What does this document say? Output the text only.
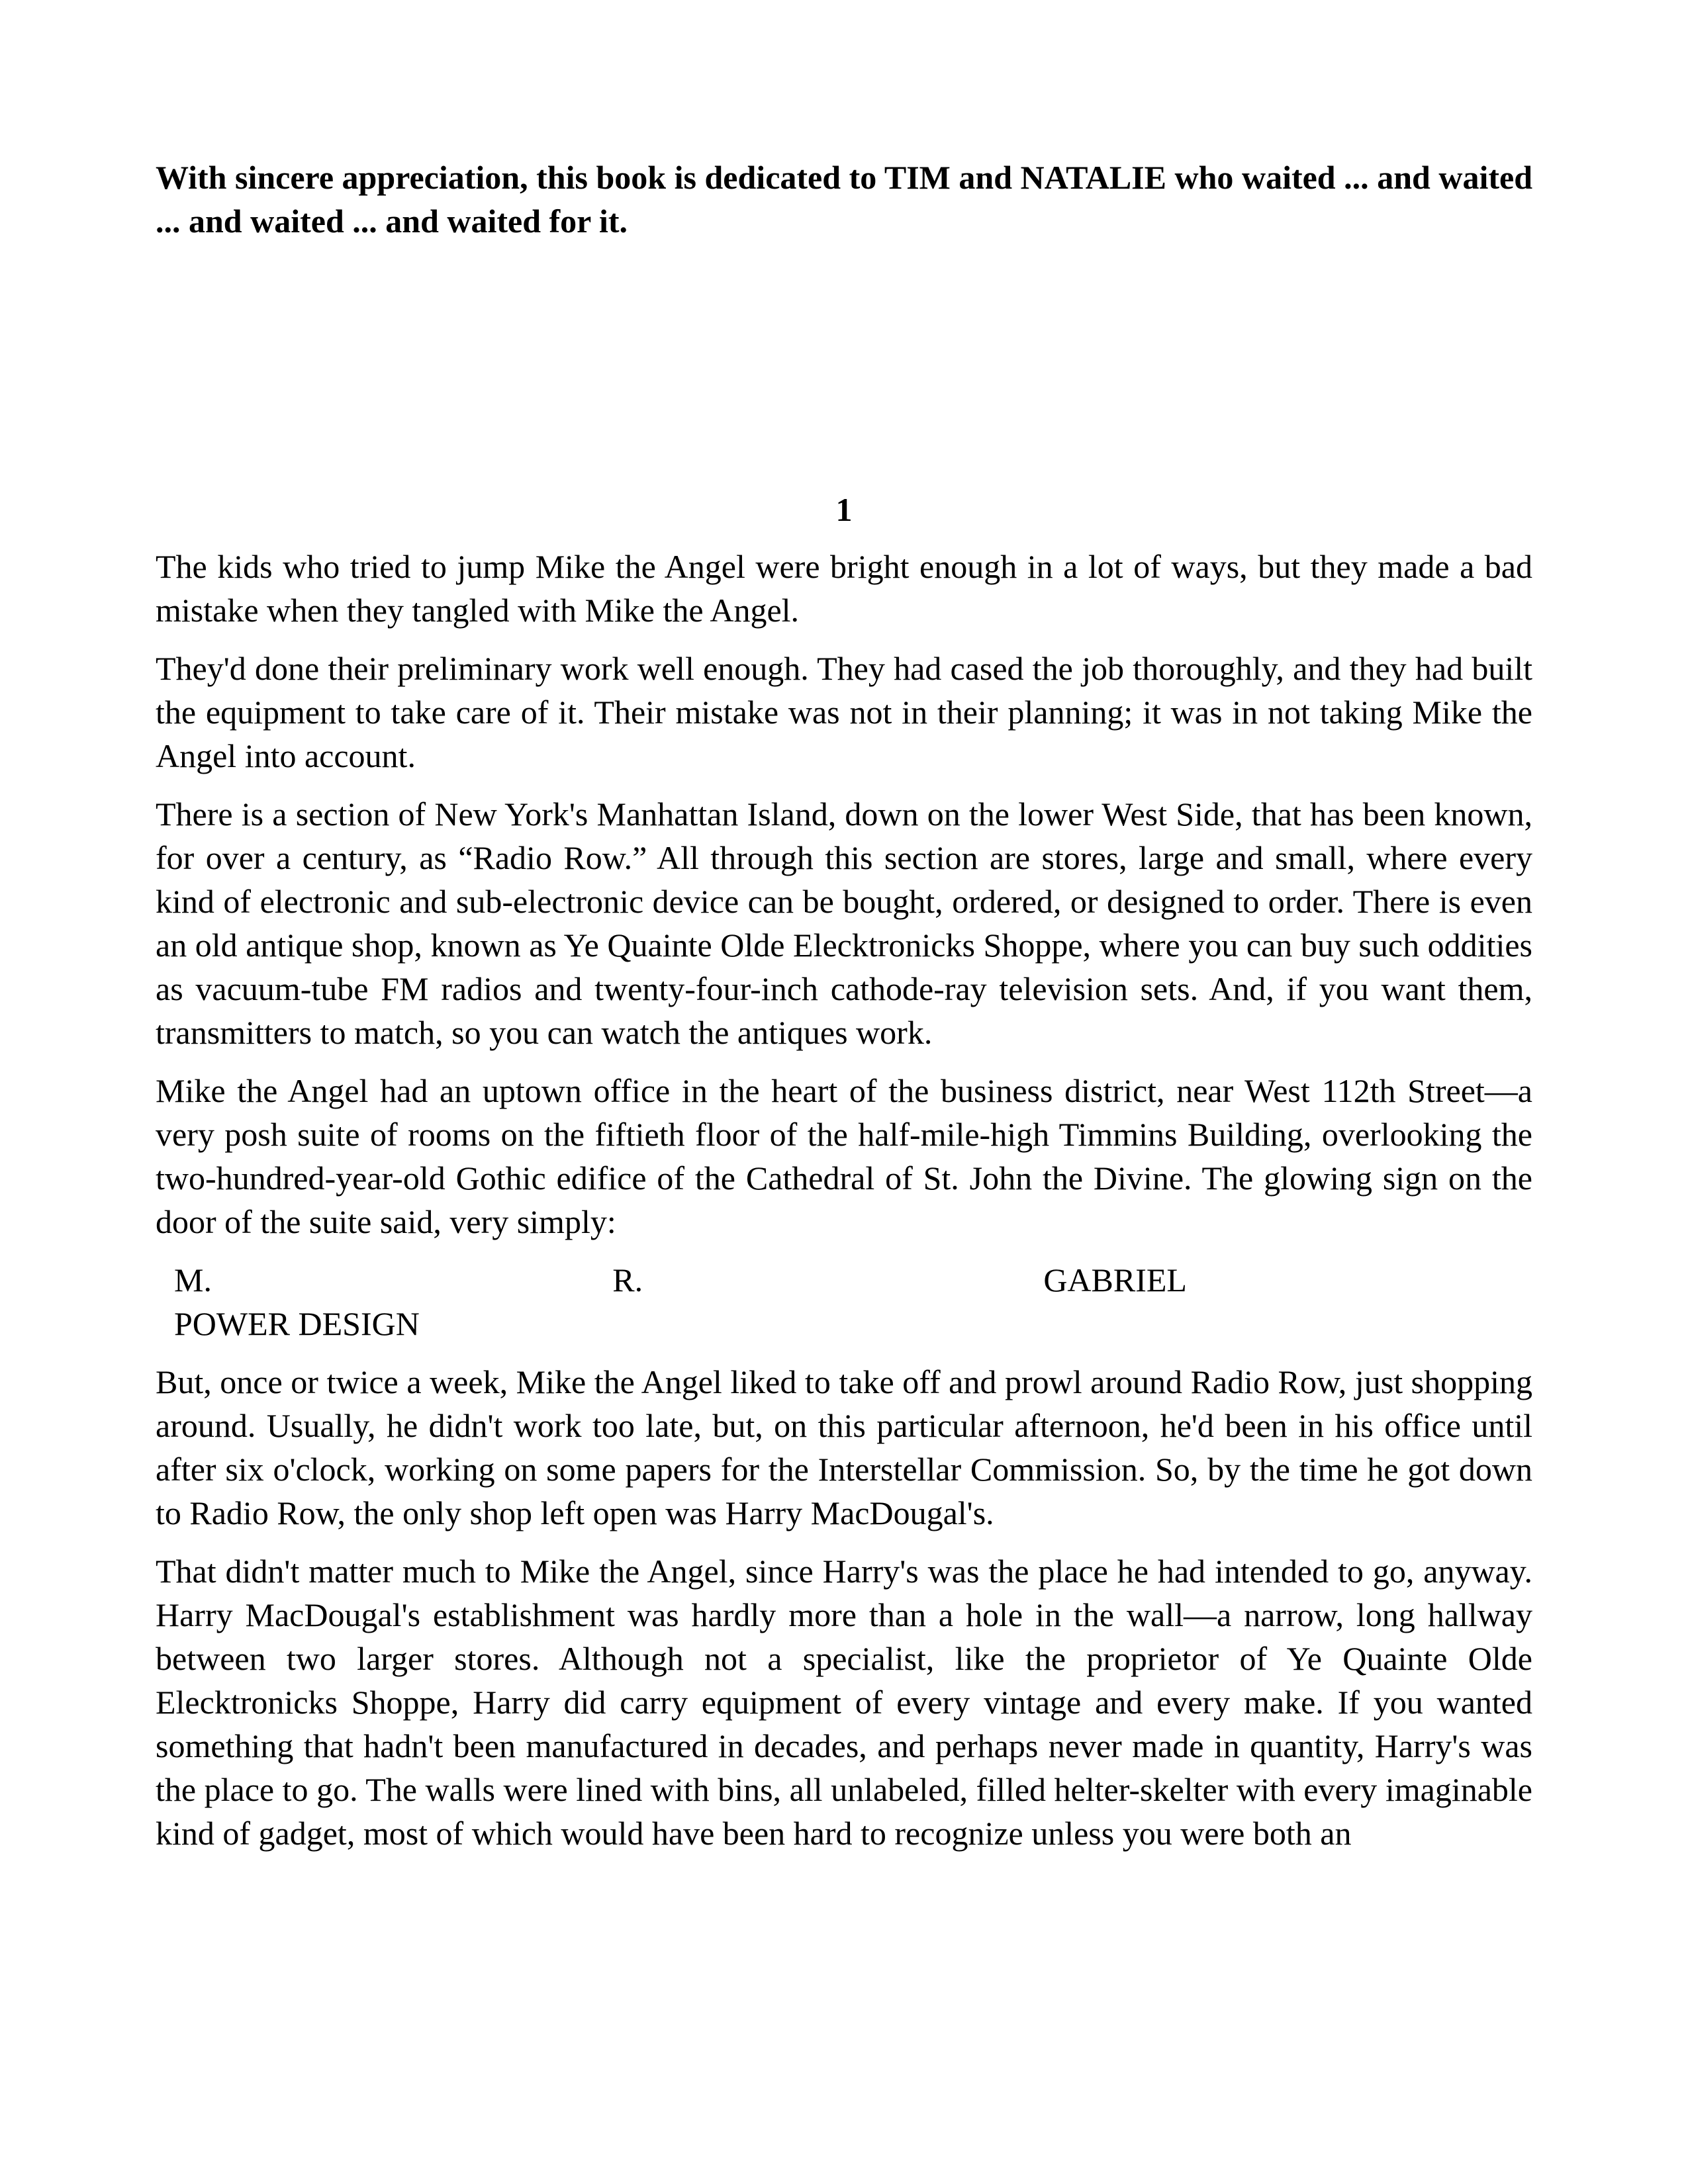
With sincere appreciation, this book is dedicated to TIM and NATALIE who waited ... and waited ... and waited ... and waited for it.

1

The kids who tried to jump Mike the Angel were bright enough in a lot of ways, but they made a bad mistake when they tangled with Mike the Angel.

They'd done their preliminary work well enough. They had cased the job thoroughly, and they had built the equipment to take care of it. Their mistake was not in their planning; it was in not taking Mike the Angel into account.

There is a section of New York's Manhattan Island, down on the lower West Side, that has been known, for over a century, as “Radio Row.” All through this section are stores, large and small, where every kind of electronic and sub-electronic device can be bought, ordered, or designed to order. There is even an old antique shop, known as Ye Quainte Olde Elecktronicks Shoppe, where you can buy such oddities as vacuum-tube FM radios and twenty-four-inch cathode-ray television sets. And, if you want them, transmitters to match, so you can watch the antiques work.

Mike the Angel had an uptown office in the heart of the business district, near West 112th Street—a very posh suite of rooms on the fiftieth floor of the half-mile-high Timmins Building, overlooking the two-hundred-year-old Gothic edifice of the Cathedral of St. John the Divine. The glowing sign on the door of the suite said, very simply:

M.	R.	GABRIEL
POWER DESIGN

But, once or twice a week, Mike the Angel liked to take off and prowl around Radio Row, just shopping around. Usually, he didn't work too late, but, on this particular afternoon, he'd been in his office until after six o'clock, working on some papers for the Interstellar Commission. So, by the time he got down to Radio Row, the only shop left open was Harry MacDougal's.

That didn't matter much to Mike the Angel, since Harry's was the place he had intended to go, anyway. Harry MacDougal's establishment was hardly more than a hole in the wall—a narrow, long hallway between two larger stores. Although not a specialist, like the proprietor of Ye Quainte Olde Elecktronicks Shoppe, Harry did carry equipment of every vintage and every make. If you wanted something that hadn't been manufactured in decades, and perhaps never made in quantity, Harry's was the place to go. The walls were lined with bins, all unlabeled, filled helter-skelter with every imaginable kind of gadget, most of which would have been hard to recognize unless you were both an
